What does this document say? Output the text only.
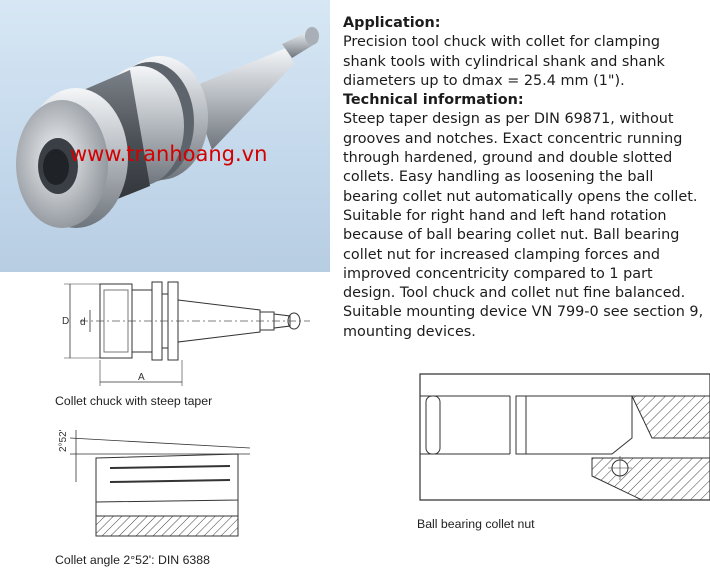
www.tranhoang.vn
Application:

Precision tool chuck with collet for clamping shank tools with cylindrical shank and shank diameters up to dmax = 25.4 mm (1").

Technical information:

Steep taper design as per DIN 69871, without grooves and notches. Exact concentric running through hardened, ground and double slotted collets. Easy handling as loosening the ball bearing collet nut automatically opens the collet. Suitable for right hand and left hand rotation because of ball bearing collet nut. Ball bearing collet nut for increased clamping forces and improved concentricity compared to 1 part design. Tool chuck and collet nut fine balanced. Suitable mounting device VN 799-0 see section 9, mounting devices.

D d
A
Collet chuck with steep taper
2°52'
Collet angle 2°52': DIN 6388
Ball bearing collet nut
